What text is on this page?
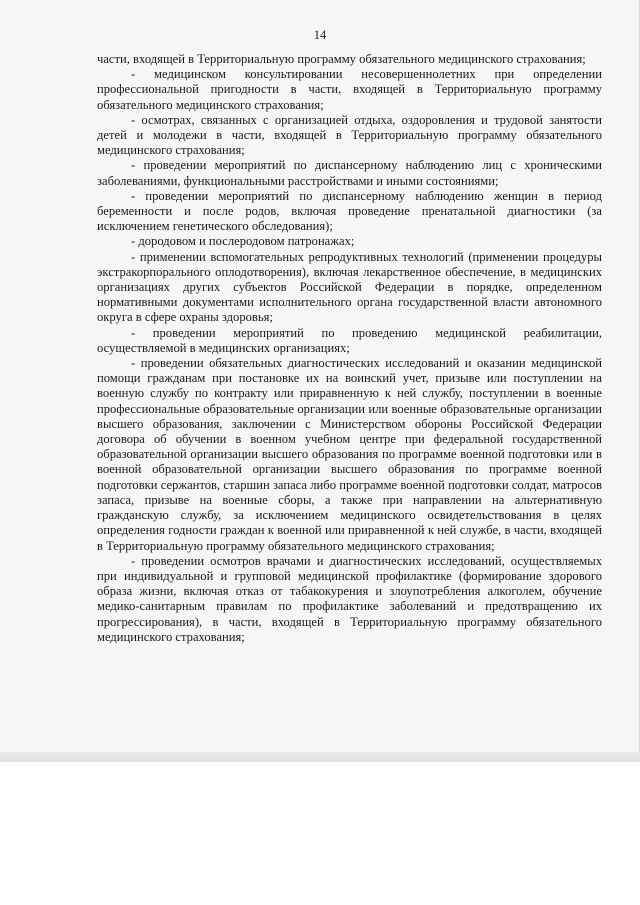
14

части, входящей в Территориальную программу обязательного медицинского страхования;

- медицинском консультировании несовершеннолетних при определении профессиональной пригодности в части, входящей в Территориальную программу обязательного медицинского страхования;

- осмотрах, связанных с организацией отдыха, оздоровления и трудовой занятости детей и молодежи в части, входящей в Территориальную программу обязательного медицинского страхования;

- проведении мероприятий по диспансерному наблюдению лиц с хроническими заболеваниями, функциональными расстройствами и иными состояниями;

- проведении мероприятий по диспансерному наблюдению женщин в период беременности и после родов, включая проведение пренатальной диагностики (за исключением генетического обследования);

- дородовом и послеродовом патронажах;

- применении вспомогательных репродуктивных технологий (применении процедуры экстракорпорального оплодотворения), включая лекарственное обеспечение, в медицинских организациях других субъектов Российской Федерации в порядке, определенном нормативными документами исполнительного органа государственной власти автономного округа в сфере охраны здоровья;

- проведении мероприятий по проведению медицинской реабилитации, осуществляемой в медицинских организациях;

- проведении обязательных диагностических исследований и оказании медицинской помощи гражданам при постановке их на воинский учет, призыве или поступлении на военную службу по контракту или приравненную к ней службу, поступлении в военные профессиональные образовательные организации или военные образовательные организации высшего образования, заключении с Министерством обороны Российской Федерации договора об обучении в военном учебном центре при федеральной государственной образовательной организации высшего образования по программе военной подготовки или в военной образовательной организации высшего образования по программе военной подготовки сержантов, старшин запаса либо программе военной подготовки солдат, матросов запаса, призыве на военные сборы, а также при направлении на альтернативную гражданскую службу, за исключением медицинского освидетельствования в целях определения годности граждан к военной или приравненной к ней службе, в части, входящей в Территориальную программу обязательного медицинского страхования;

- проведении осмотров врачами и диагностических исследований, осуществляемых при индивидуальной и групповой медицинской профилактике (формирование здорового образа жизни, включая отказ от табакокурения и злоупотребления алкоголем, обучение медико-санитарным правилам по профилактике заболеваний и предотвращению их прогрессирования), в части, входящей в Территориальную программу обязательного медицинского страхования;
